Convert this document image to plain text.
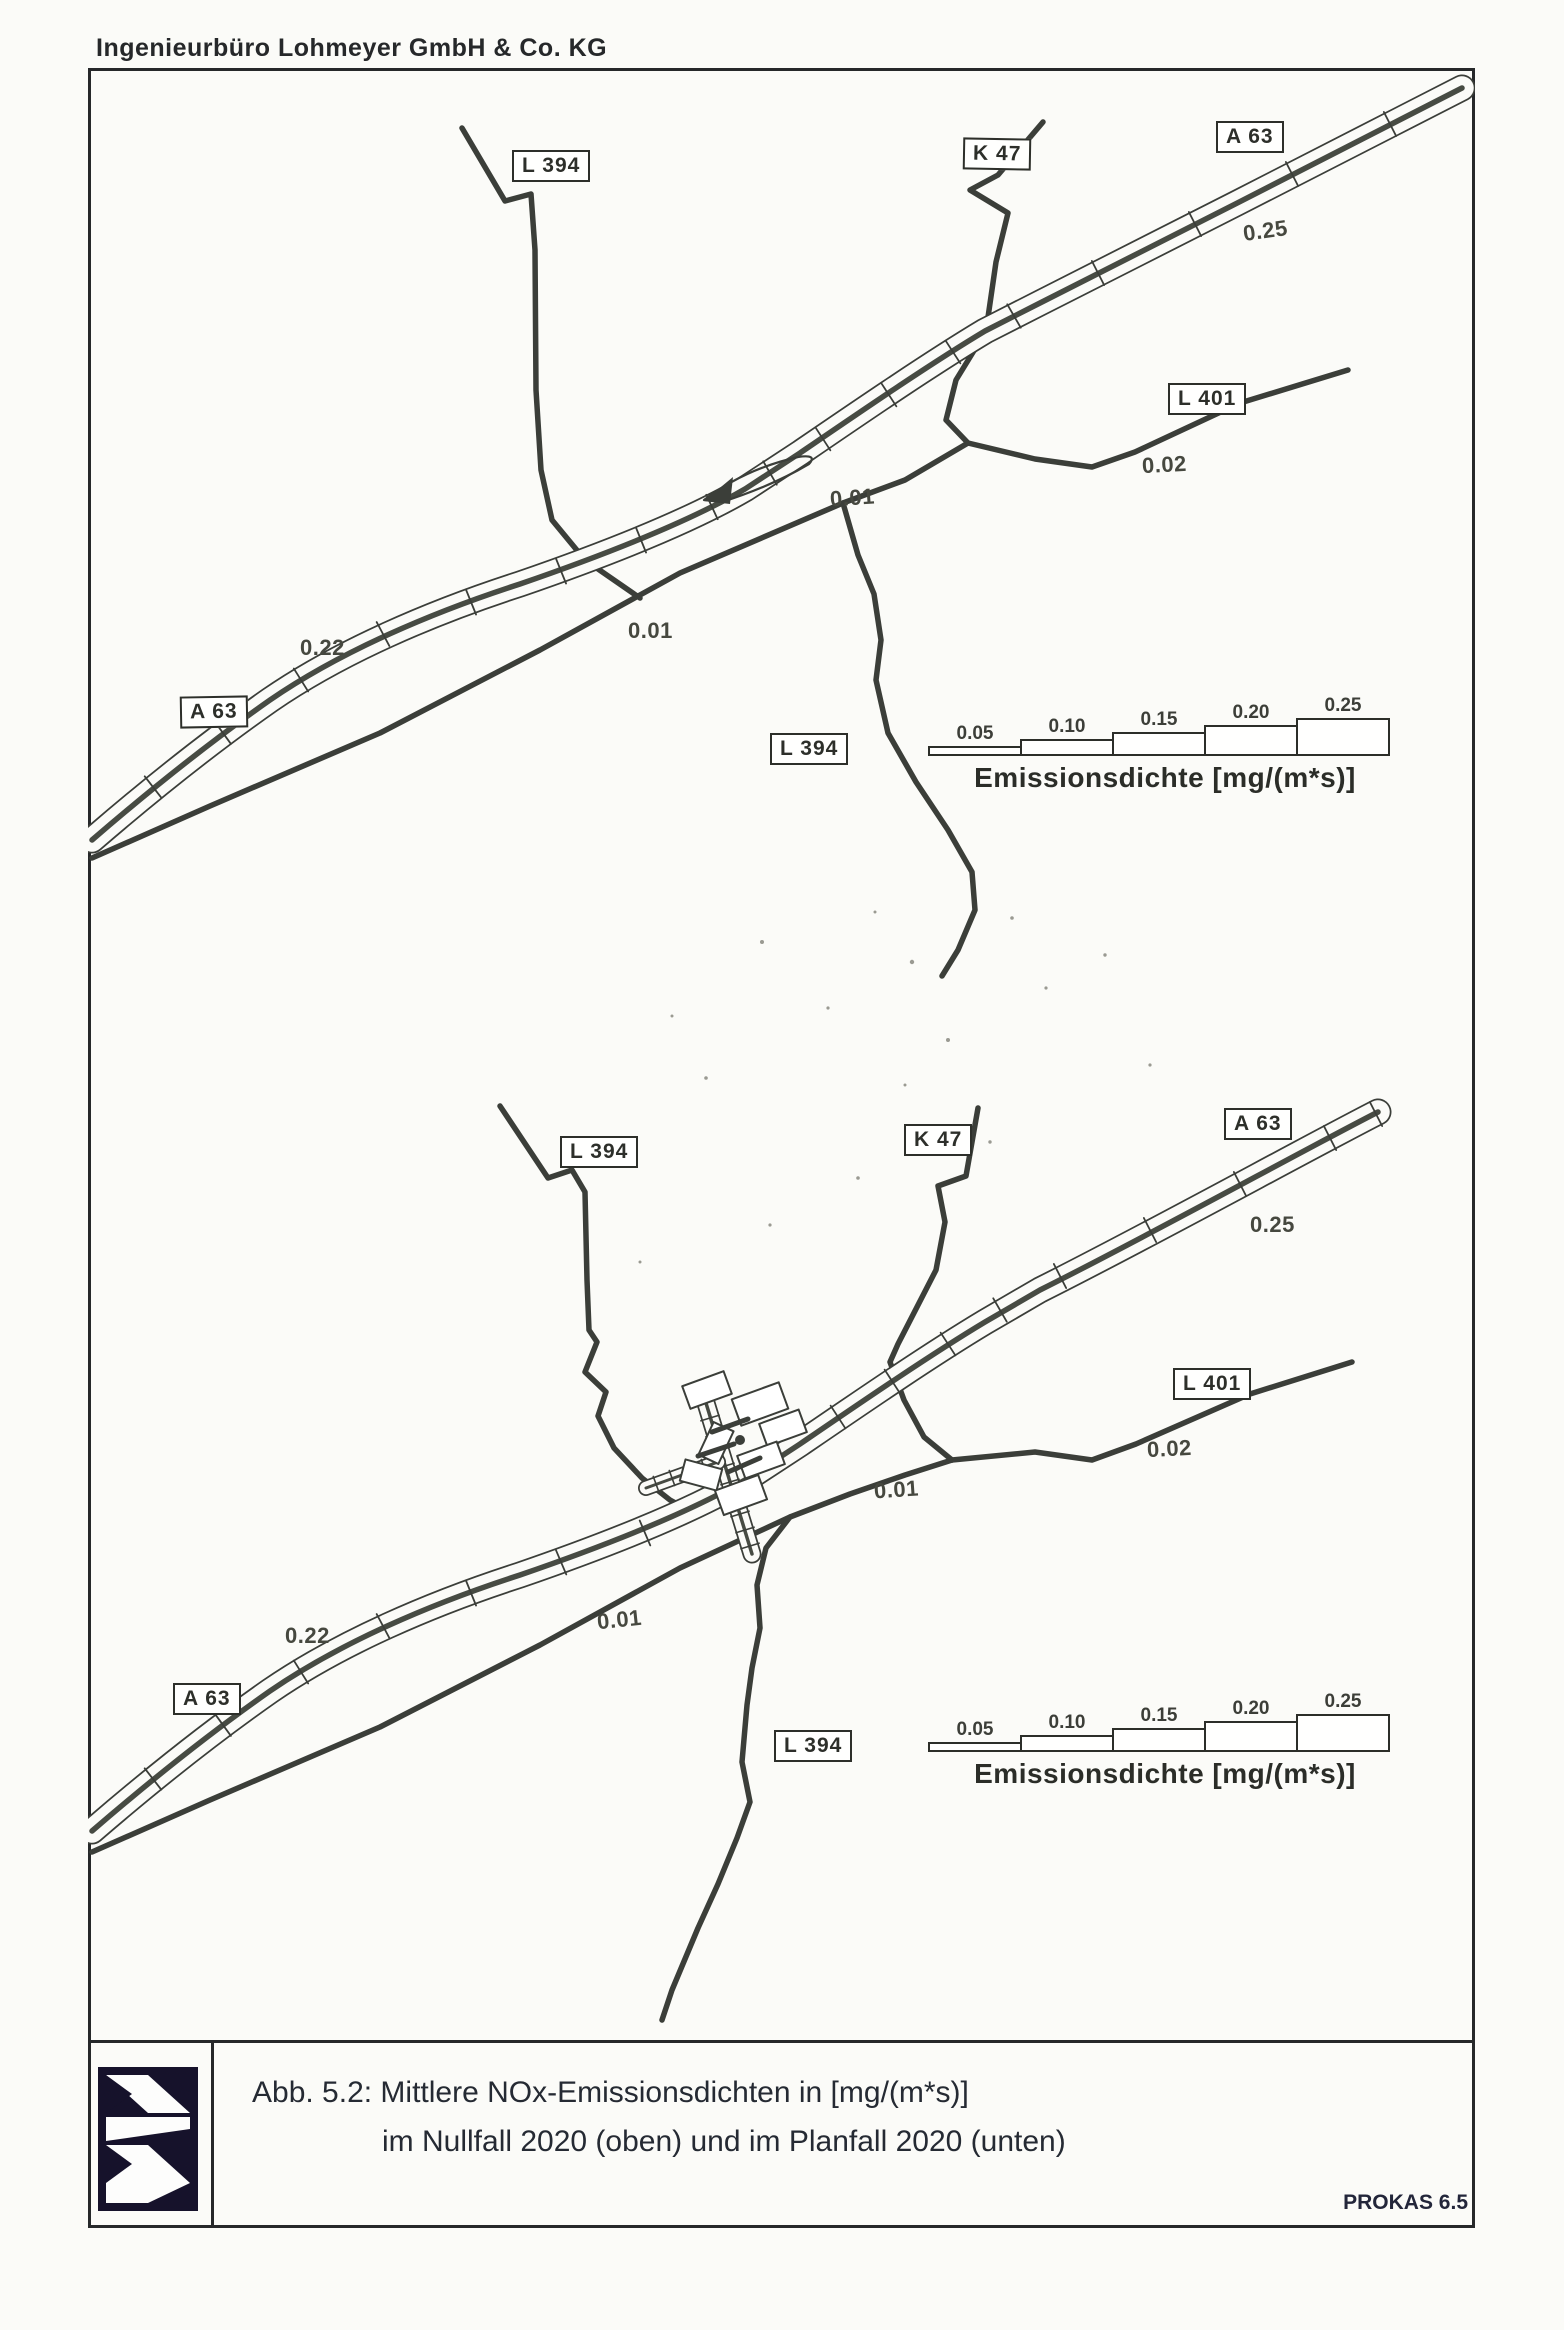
Ingenieurbüro Lohmeyer GmbH & Co. KG
L 394
K 47
A 63
L 401
A 63
L 394
0.25
0.02
0.01
0.01
0.22
0.05	0.10	0.15	0.20	0.25
Emissionsdichte [mg/(m*s)]
L 394
K 47
A 63
L 401
A 63
L 394
0.25
0.02
0.01
0.01
0.22
0.05	0.10	0.15	0.20	0.25
Emissionsdichte [mg/(m*s)]
Abb. 5.2: Mittlere NOx-Emissionsdichten in [mg/(m*s)]
im Nullfall 2020 (oben) und im Planfall 2020 (unten)
PROKAS 6.5
